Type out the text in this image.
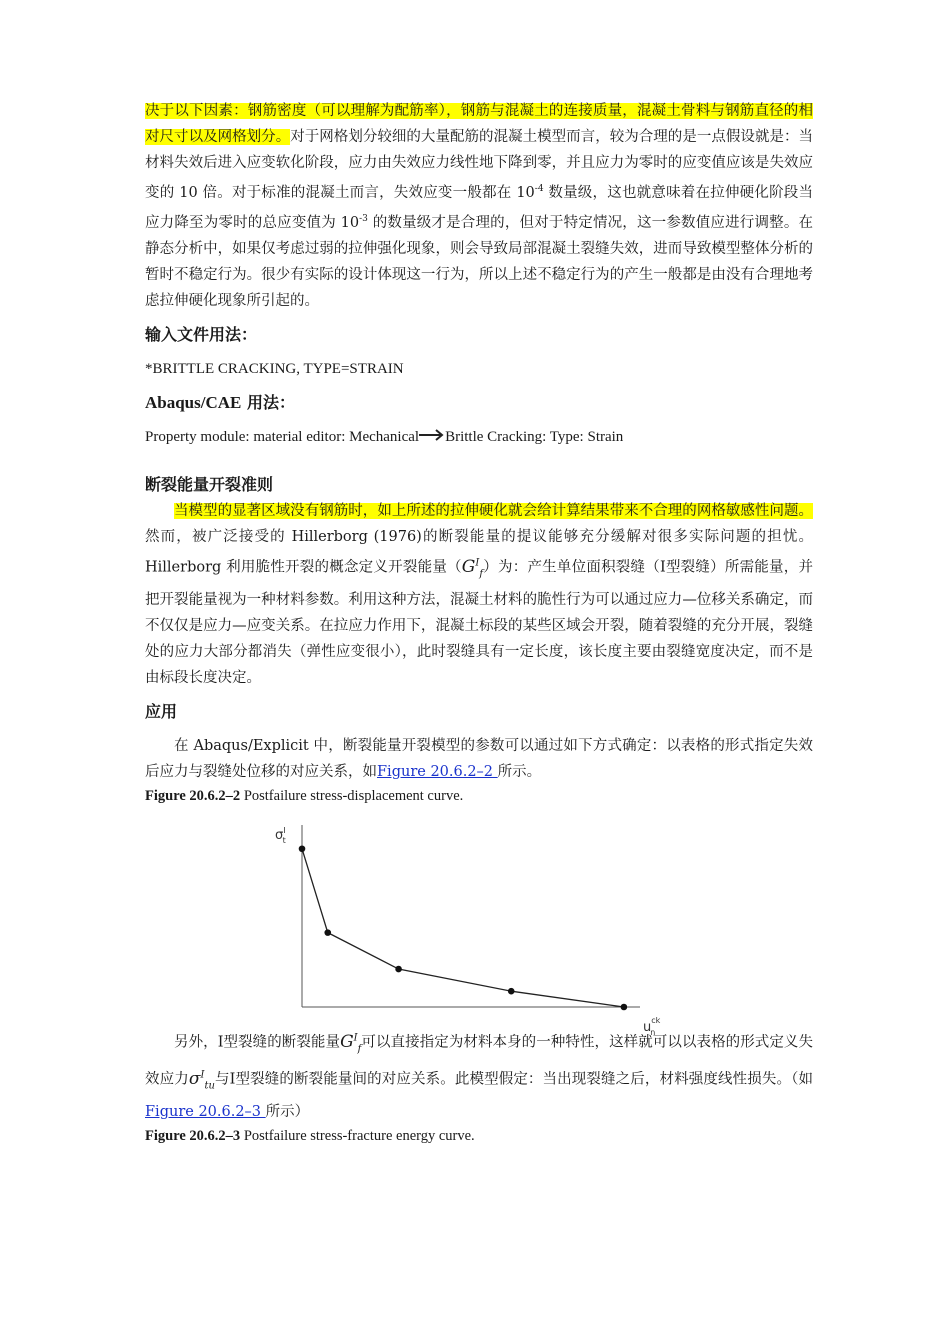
决于以下因素：钢筋密度（可以理解为配筋率），钢筋与混凝土的连接质量，混凝土骨料与钢筋直径的相对尺寸以及网格划分。对于网格划分较细的大量配筋的混凝土模型而言，较为合理的是一点假设就是：当材料失效后进入应变软化阶段，应力由失效应力线性地下降到零，并且应力为零时的应变值应该是失效应变的 10 倍。对于标准的混凝土而言，失效应变一般都在 $10^{-4}$ 数量级，这也就意味着在拉伸硬化阶段当应力降至为零时的总应变值为 $10^{-3}$ 的数量级才是合理的，但对于特定情况，这一参数值应进行调整。在静态分析中，如果仅考虑过弱的拉伸强化现象，则会导致局部混凝土裂缝失效，进而导致模型整体分析的暂时不稳定行为。很少有实际的设计体现这一行为，所以上述不稳定行为的产生一般都是由没有合理地考虑拉伸硬化现象所引起的。

输入文件用法：

*BRITTLE CRACKING, TYPE=STRAIN

Abaqus/CAE 用法：

Property module: material editor: Mechanical Brittle Cracking: Type: Strain

断裂能量开裂准则

当模型的显著区域没有钢筋时，如上所述的拉伸硬化就会给计算结果带来不合理的网格敏感性问题。然而，被广泛接受的 Hillerborg (1976)的断裂能量的提议能够充分缓解对很多实际问题的担忧。Hillerborg 利用脆性开裂的概念定义开裂能量$(G^I_f)$为：产生单位面积裂缝（Ⅰ型裂缝）所需能量，并把开裂能量视为一种材料参数。利用这种方法，混凝土材料的脆性行为可以通过应力—位移关系确定，而不仅仅是应力—应变关系。在拉应力作用下，混凝土标段的某些区域会开裂，随着裂缝的充分开展，裂缝处的应力大部分都消失（弹性应变很小），此时裂缝具有一定长度，该长度主要由裂缝宽度决定，而不是由标段长度决定。

应用

在 Abaqus/Explicit 中，断裂能量开裂模型的参数可以通过如下方式确定：以表格的形式指定失效后应力与裂缝处位移的对应关系，如Figure 20.6.2–2 所示。

Figure 20.6.2–2 Postfailure stress-displacement curve.

$\sigma^I$ t
$u^{ck}$ n

另外，Ⅰ型裂缝的断裂能量$G^I_f$可以直接指定为材料本身的一种特性，这样就可以以表格的形式定义失效应力$\sigma^I_{tu}$与Ⅰ型裂缝的断裂能量间的对应关系。此模型假定：当出现裂缝之后，材料强度线性损失。（如Figure 20.6.2–3 所示）

Figure 20.6.2–3 Postfailure stress-fracture energy curve.
